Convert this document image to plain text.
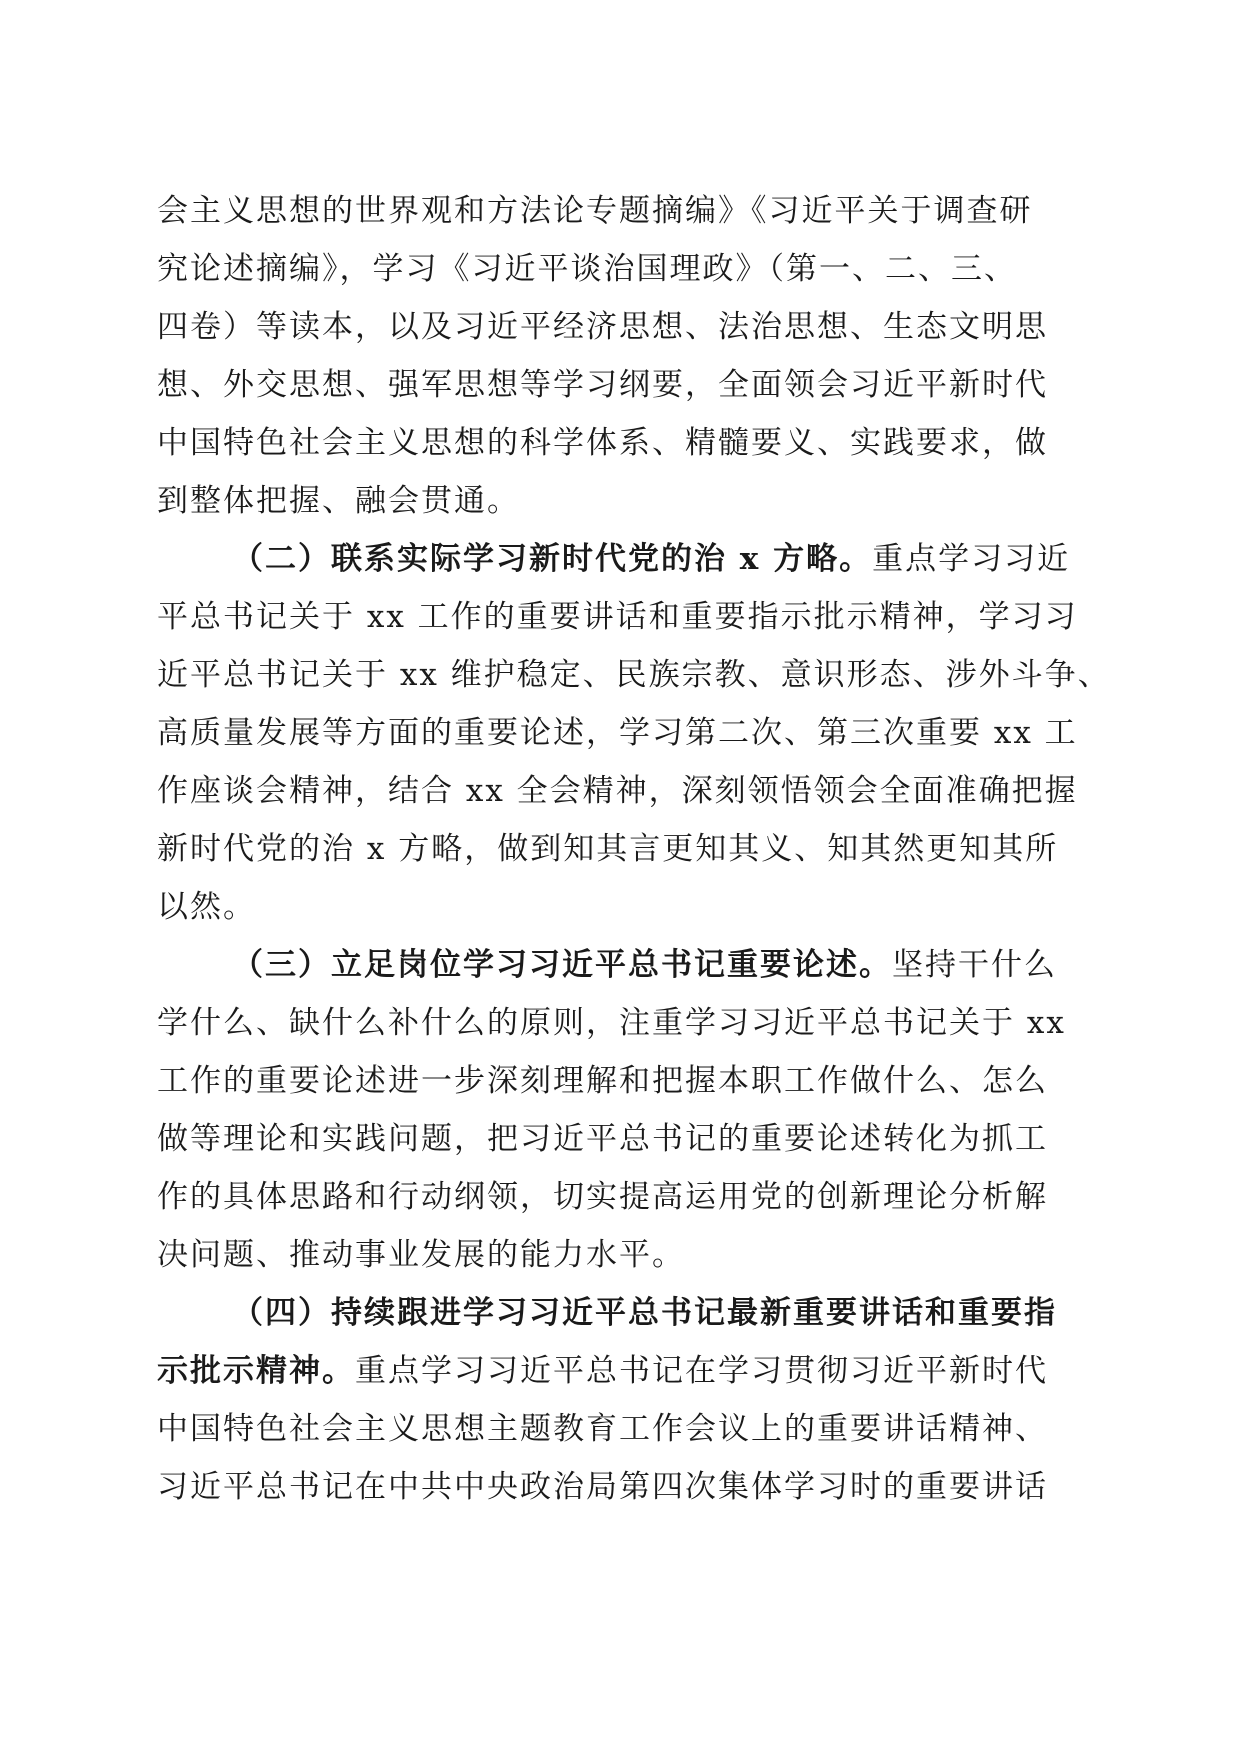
会主义思想的世界观和方法论专题摘编》《习近平关于调查研
究论述摘编》，学习《习近平谈治国理政》（第一、二、三、
四卷）等读本，以及习近平经济思想、法治思想、生态文明思
想、外交思想、强军思想等学习纲要，全面领会习近平新时代
中国特色社会主义思想的科学体系、精髓要义、实践要求，做
到整体把握、融会贯通。
（二）联系实际学习新时代党的治 x 方略。重点学习习近
平总书记关于 xx 工作的重要讲话和重要指示批示精神，学习习
近平总书记关于 xx 维护稳定、民族宗教、意识形态、涉外斗争、
高质量发展等方面的重要论述，学习第二次、第三次重要 xx 工
作座谈会精神，结合 xx 全会精神，深刻领悟领会全面准确把握
新时代党的治 x 方略，做到知其言更知其义、知其然更知其所
以然。
（三）立足岗位学习习近平总书记重要论述。坚持干什么
学什么、缺什么补什么的原则，注重学习习近平总书记关于 xx
工作的重要论述进一步深刻理解和把握本职工作做什么、怎么
做等理论和实践问题，把习近平总书记的重要论述转化为抓工
作的具体思路和行动纲领，切实提高运用党的创新理论分析解
决问题、推动事业发展的能力水平。
（四）持续跟进学习习近平总书记最新重要讲话和重要指
示批示精神。重点学习习近平总书记在学习贯彻习近平新时代
中国特色社会主义思想主题教育工作会议上的重要讲话精神、
习近平总书记在中共中央政治局第四次集体学习时的重要讲话
